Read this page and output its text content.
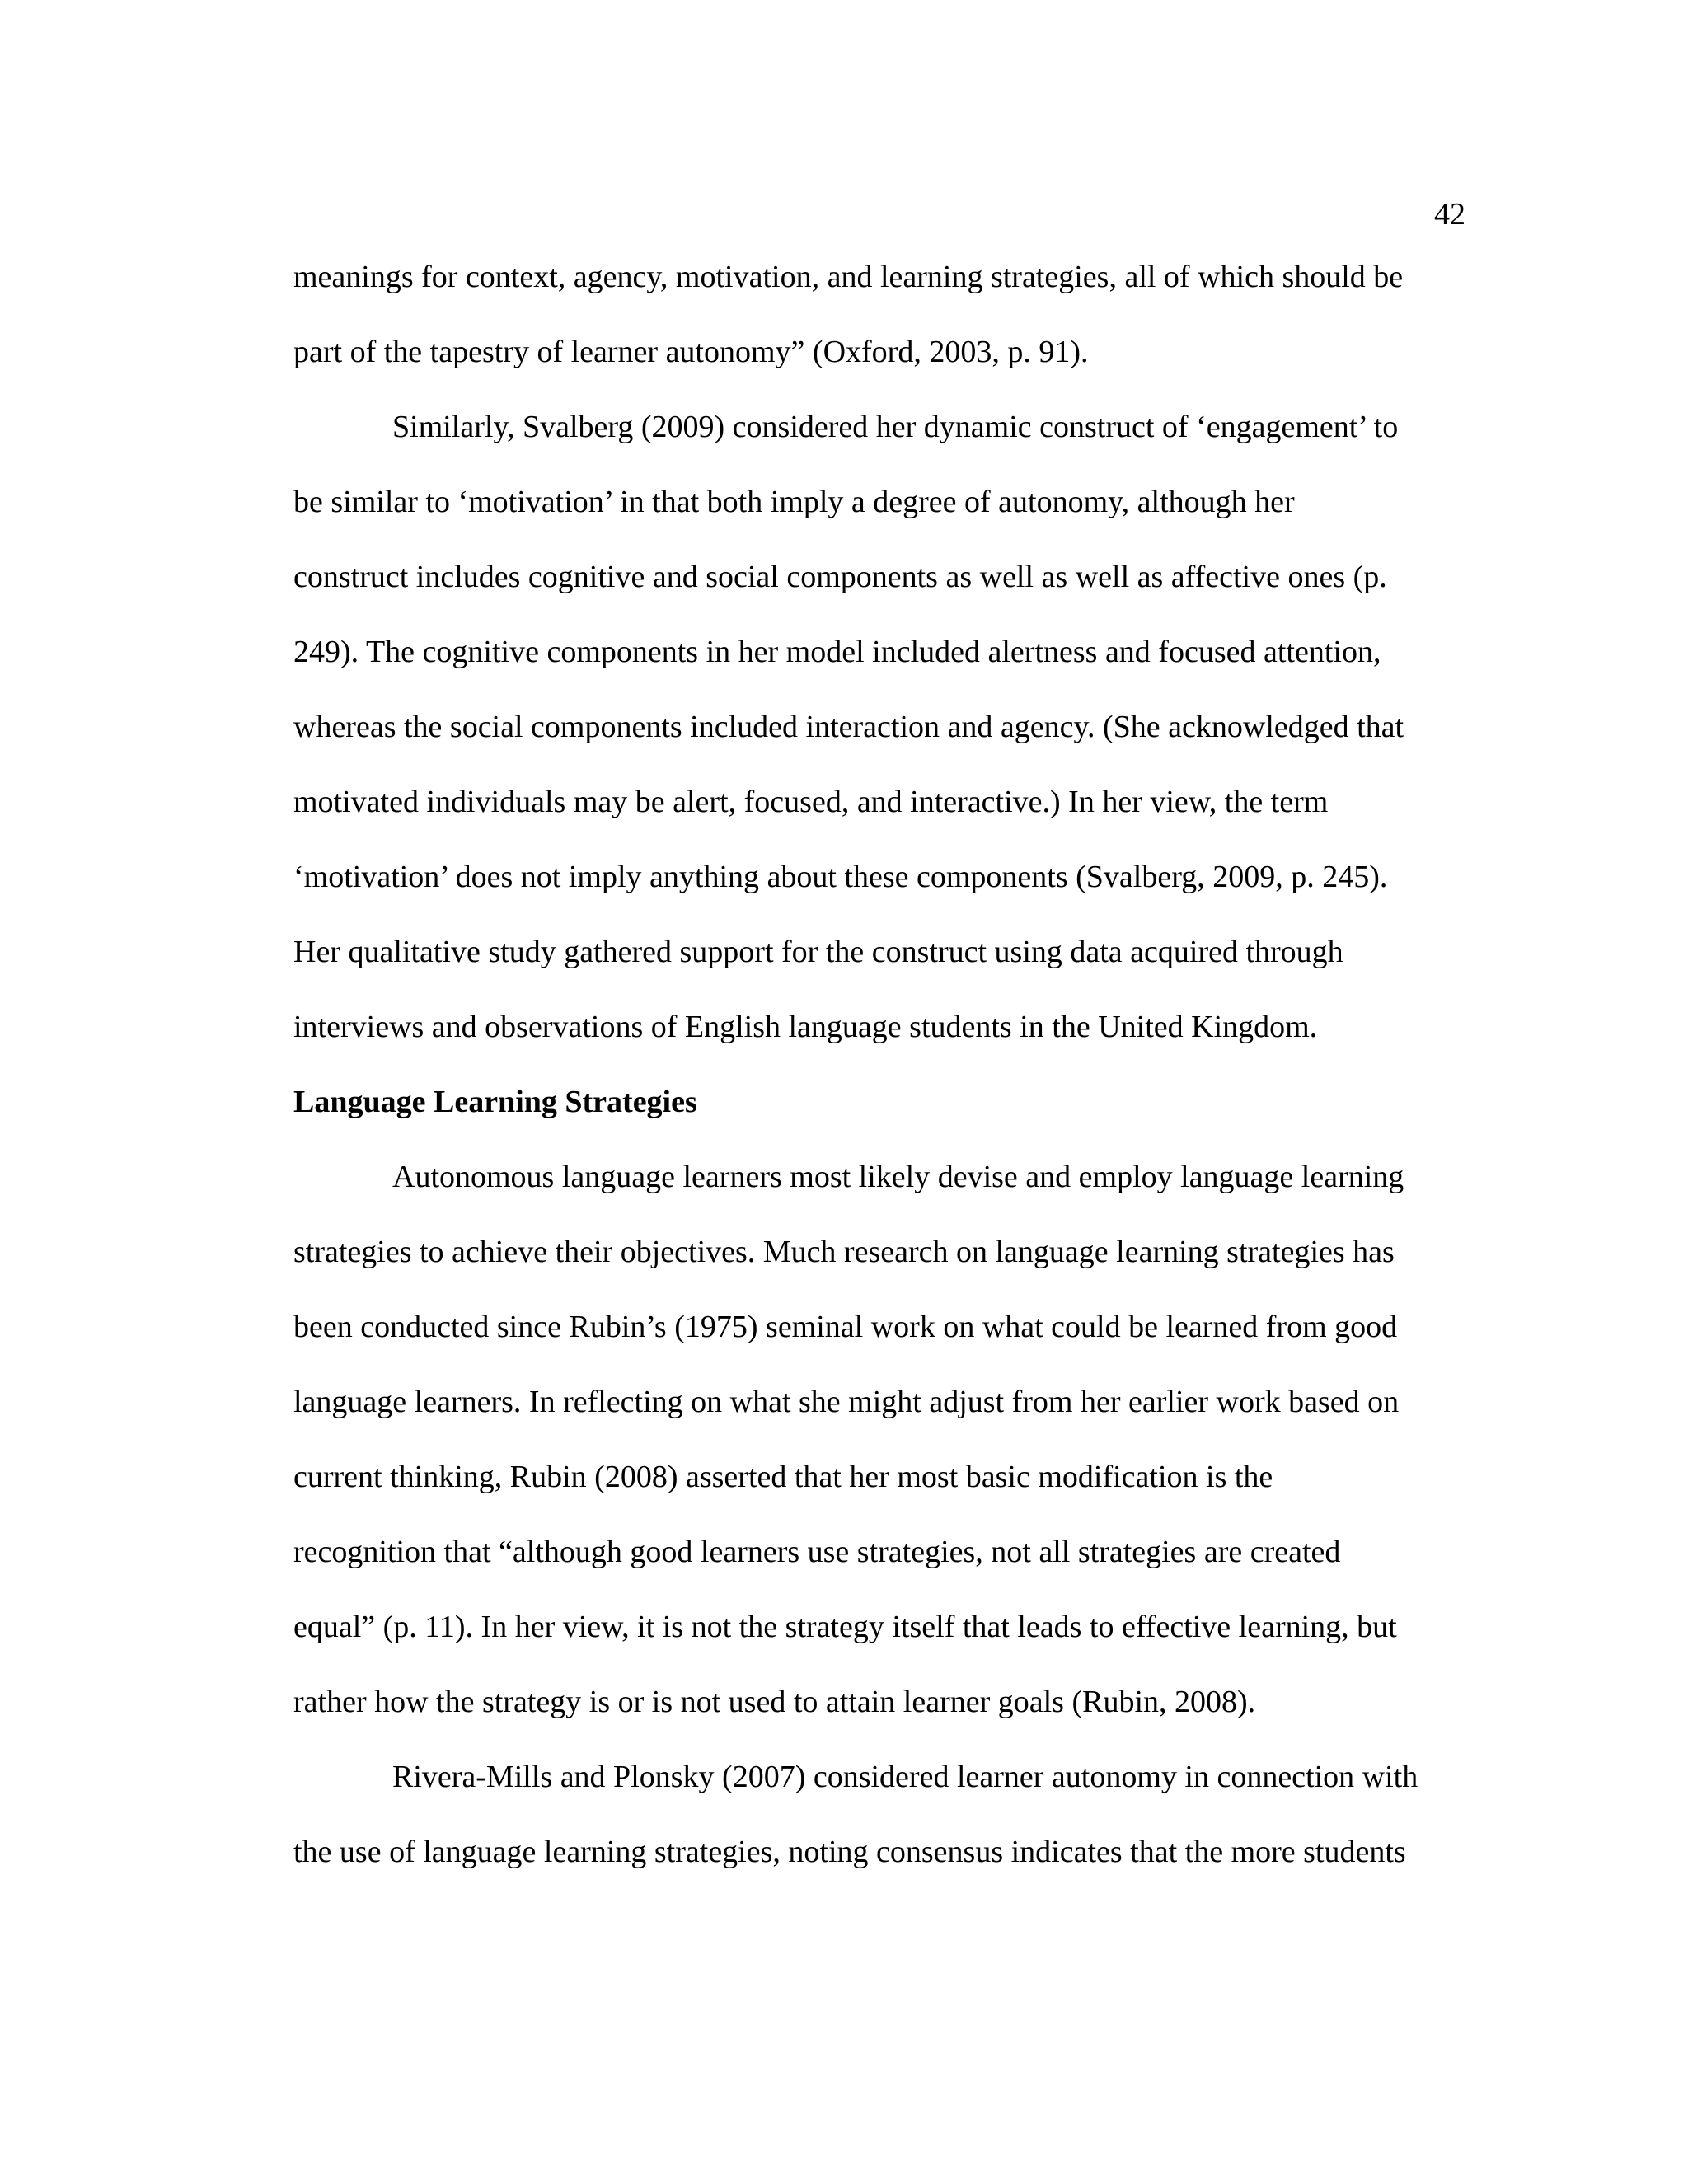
42
meanings for context, agency, motivation, and learning strategies, all of which should be
part of the tapestry of learner autonomy” (Oxford, 2003, p. 91).
Similarly, Svalberg (2009) considered her dynamic construct of ‘engagement’ to
be similar to ‘motivation’ in that both imply a degree of autonomy, although her
construct includes cognitive and social components as well as well as affective ones (p.
249). The cognitive components in her model included alertness and focused attention,
whereas the social components included interaction and agency. (She acknowledged that
motivated individuals may be alert, focused, and interactive.) In her view, the term
‘motivation’ does not imply anything about these components (Svalberg, 2009, p. 245).
Her qualitative study gathered support for the construct using data acquired through
interviews and observations of English language students in the United Kingdom.
Language Learning Strategies
Autonomous language learners most likely devise and employ language learning
strategies to achieve their objectives. Much research on language learning strategies has
been conducted since Rubin’s (1975) seminal work on what could be learned from good
language learners. In reflecting on what she might adjust from her earlier work based on
current thinking, Rubin (2008) asserted that her most basic modification is the
recognition that “although good learners use strategies, not all strategies are created
equal” (p. 11). In her view, it is not the strategy itself that leads to effective learning, but
rather how the strategy is or is not used to attain learner goals (Rubin, 2008).
Rivera-Mills and Plonsky (2007) considered learner autonomy in connection with
the use of language learning strategies, noting consensus indicates that the more students
